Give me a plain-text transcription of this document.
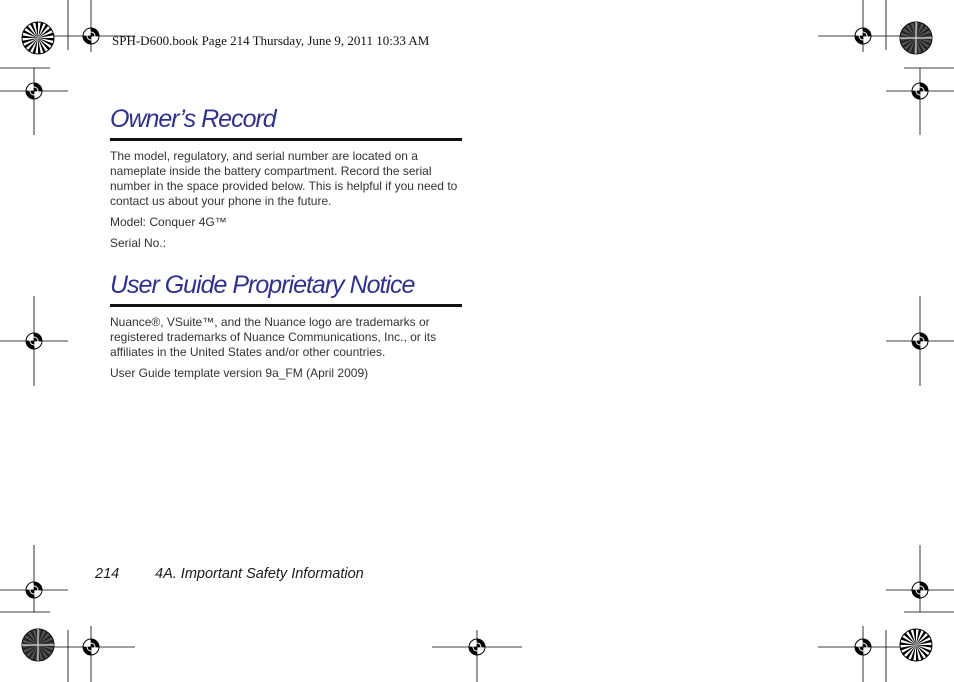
SPH-D600.book Page 214 Thursday, June 9, 2011 10:33 AM
Owner’s Record

The model, regulatory, and serial number are located on a nameplate inside the battery compartment. Record the serial number in the space provided below. This is helpful if you need to contact us about your phone in the future.

Model: Conquer 4G™

Serial No.:

User Guide Proprietary Notice

Nuance®, VSuite™, and the Nuance logo are trademarks or registered trademarks of Nuance Communications, Inc., or its affiliates in the United States and/or other countries.

User Guide template version 9a_FM (April 2009)

214 4A. Important Safety Information
